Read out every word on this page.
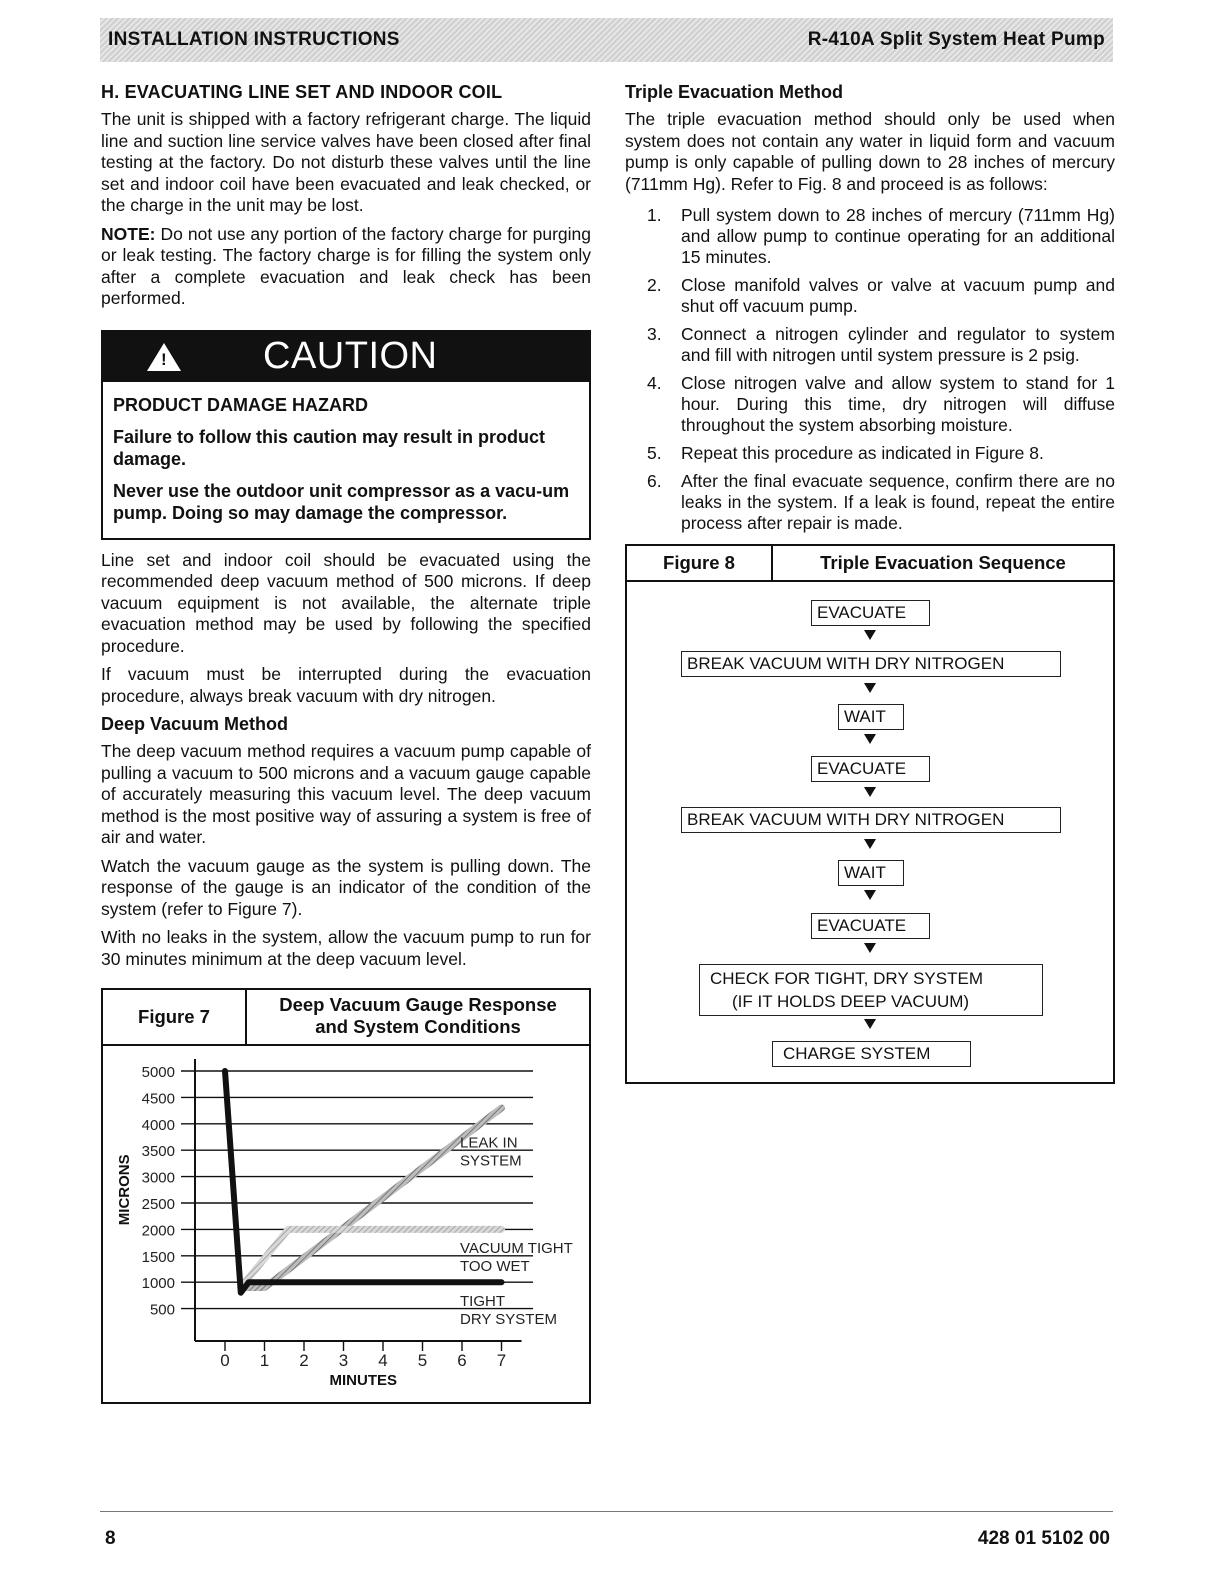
INSTALLATION INSTRUCTIONS	R-410A Split System Heat Pump
H. EVACUATING LINE SET AND INDOOR COIL

The unit is shipped with a factory refrigerant charge. The liquid line and suction line service valves have been closed after final testing at the factory. Do not disturb these valves until the line set and indoor coil have been evacuated and leak checked, or the charge in the unit may be lost.

NOTE: Do not use any portion of the factory charge for purging or leak testing. The factory charge is for filling the system only after a complete evacuation and leak check has been performed.

!
CAUTION

PRODUCT DAMAGE HAZARD

Failure to follow this caution may result in product damage.

Never use the outdoor unit compressor as a vacu-um pump. Doing so may damage the compressor.

Line set and indoor coil should be evacuated using the recommended deep vacuum method of 500 microns. If deep vacuum equipment is not available, the alternate triple evacuation method may be used by following the specified procedure.

If vacuum must be interrupted during the evacuation procedure, always break vacuum with dry nitrogen.

Deep Vacuum Method

The deep vacuum method requires a vacuum pump capable of pulling a vacuum to 500 microns and a vacuum gauge capable of accurately measuring this vacuum level. The deep vacuum method is the most positive way of assuring a system is free of air and water.

Watch the vacuum gauge as the system is pulling down. The response of the gauge is an indicator of the condition of the system (refer to Figure 7).

With no leaks in the system, allow the vacuum pump to run for 30 minutes minimum at the deep vacuum level.

Figure 7
Deep Vacuum Gauge Response
and System Conditions
5000
4500
4000
3500
3000
2500
2000
1500
1000
500
0 1 2 3 4 5 6 7
MINUTES
MICRONS
LEAK IN
SYSTEM
VACUUM TIGHT
TOO WET
TIGHT
DRY SYSTEM
Triple Evacuation Method

The triple evacuation method should only be used when system does not contain any water in liquid form and vacuum pump is only capable of pulling down to 28 inches of mercury (711mm Hg). Refer to Fig. 8 and proceed is as follows:

1.	Pull system down to 28 inches of mercury (711mm Hg) and allow pump to continue operating for an additional 15 minutes.
2.	Close manifold valves or valve at vacuum pump and shut off vacuum pump.
3.	Connect a nitrogen cylinder and regulator to system and fill with nitrogen until system pressure is 2 psig.
4.	Close nitrogen valve and allow system to stand for 1 hour. During this time, dry nitrogen will diffuse throughout the system absorbing moisture.
5.	Repeat this procedure as indicated in Figure 8.
6.	After the final evacuate sequence, confirm there are no leaks in the system. If a leak is found, repeat the entire process after repair is made.
Figure 8	Triple Evacuation Sequence
EVACUATE
BREAK VACUUM WITH DRY NITROGEN
WAIT
EVACUATE
BREAK VACUUM WITH DRY NITROGEN
WAIT
EVACUATE
CHECK FOR TIGHT, DRY SYSTEM
(IF IT HOLDS DEEP VACUUM)
CHARGE SYSTEM
8	428 01 5102 00
